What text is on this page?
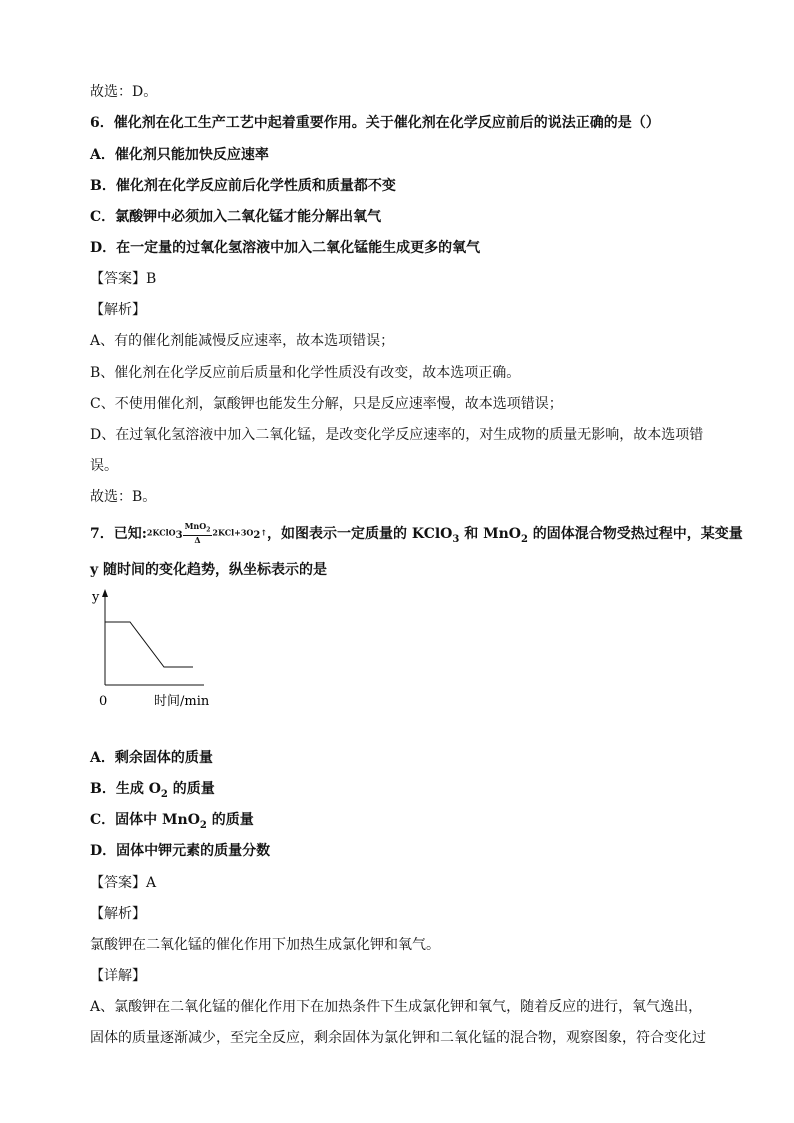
故选：D。
6．催化剂在化工生产工艺中起着重要作用。关于催化剂在化学反应前后的说法正确的是（）
A．催化剂只能加快反应速率
B．催化剂在化学反应前后化学性质和质量都不变
C．氯酸钾中必须加入二氧化锰才能分解出氧气
D．在一定量的过氧化氢溶液中加入二氧化锰能生成更多的氧气
【答案】B
【解析】
A、有的催化剂能减慢反应速率，故本选项错误；
B、催化剂在化学反应前后质量和化学性质没有改变，故本选项正确。
C、不使用催化剂，氯酸钾也能发生分解，只是反应速率慢，故本选项错误；
D、在过氧化氢溶液中加入二氧化锰，是改变化学反应速率的，对生成物的质量无影响，故本选项错
误。
故选：B。
7．已知:2KClO$_3$ $\frac{MnO_2}{\Delta}$ $2KCl+3O_2↑$，如图表示一定质量的 KClO$_3$ 和 MnO$_2$ 的固体混合物受热过程中，某变量
y 随时间的变化趋势，纵坐标表示的是
y
0	时间/min
A．剩余固体的质量
B．生成 $O_2$ 的质量
C．固体中 MnO$_2$ 的质量
D．固体中钾元素的质量分数
【答案】A
【解析】
氯酸钾在二氧化锰的催化作用下加热生成氯化钾和氧气。
【详解】
A、氯酸钾在二氧化锰的催化作用下在加热条件下生成氯化钾和氧气，随着反应的进行，氧气逸出，
固体的质量逐渐减少，至完全反应，剩余固体为氯化钾和二氧化锰的混合物，观察图象，符合变化过
